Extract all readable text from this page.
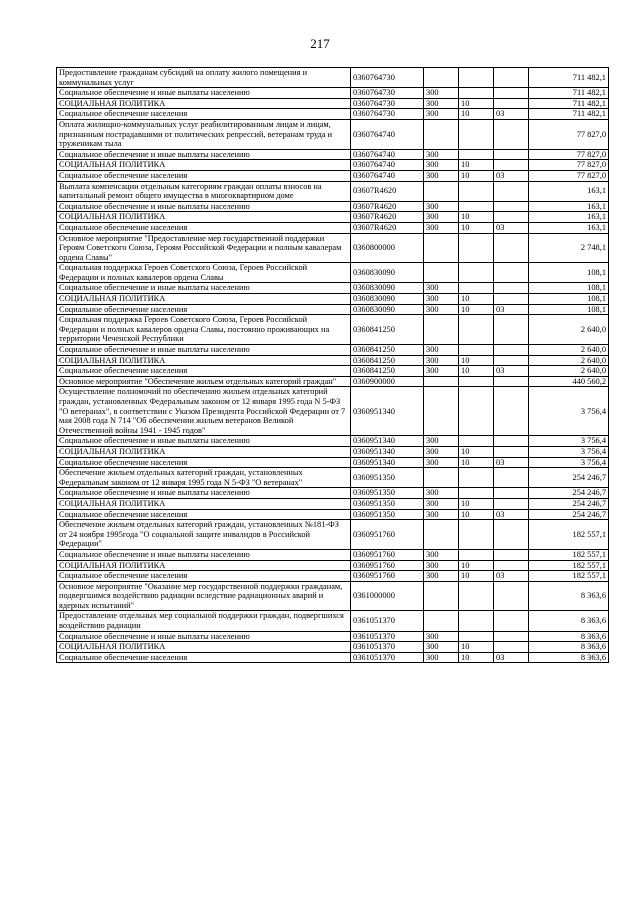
217
Предоставление гражданам субсидий на оплату жилого помещения и коммунальных услуг	0360764730				711 482,1
Социальное обеспечение и иные выплаты населению	0360764730	300			711 482,1
СОЦИАЛЬНАЯ ПОЛИТИКА	0360764730	300	10		711 482,1
Социальное обеспечение населения	0360764730	300	10	03	711 482,1
Оплата жилищно-коммунальных услуг реабилитированным лицам и лицам, признанным пострадавшими от политических репрессий, ветеранам труда и труженикам тыла	0360764740				77 827,0
Социальное обеспечение и иные выплаты населению	0360764740	300			77 827,0
СОЦИАЛЬНАЯ ПОЛИТИКА	0360764740	300	10		77 827,0
Социальное обеспечение населения	0360764740	300	10	03	77 827,0
Выплата компенсации отдельным категориям граждан оплаты взносов на капитальный ремонт общего имущества в многоквартирном доме	03607R4620				163,1
Социальное обеспечение и иные выплаты населению	03607R4620	300			163,1
СОЦИАЛЬНАЯ ПОЛИТИКА	03607R4620	300	10		163,1
Социальное обеспечение населения	03607R4620	300	10	03	163,1
Основное мероприятие "Предоставление мер государственной поддержки Героям Советского Союза, Героям Российской Федерации и полным кавалерам ордена Славы"	0360800000				2 748,1
Социальная поддержка Героев Советского Союза, Героев Российской Федерации и полных кавалеров ордена Славы	0360830090				108,1
Социальное обеспечение и иные выплаты населению	0360830090	300			108,1
СОЦИАЛЬНАЯ ПОЛИТИКА	0360830090	300	10		108,1
Социальное обеспечение населения	0360830090	300	10	03	108,1
Социальная поддержка Героев Советского Союза, Героев Российской Федерации и полных кавалеров ордена Славы, постоянно проживающих на территории Чеченской Республики	0360841250				2 640,0
Социальное обеспечение и иные выплаты населению	0360841250	300			2 640,0
СОЦИАЛЬНАЯ ПОЛИТИКА	0360841250	300	10		2 640,0
Социальное обеспечение населения	0360841250	300	10	03	2 640,0
Основное мероприятие "Обеспечение жильем отдельных категорий граждан"	0360900000				440 560,2
Осуществление полномочий по обеспечению жильем отдельных категорий граждан, установленных Федеральным законом от 12 января 1995 года N 5-ФЗ "О ветеранах", в соответствии с Указом Президента Российской Федерации от 7 мая 2008 года N 714 "Об обеспечении жильем ветеранов Великой Отечественной войны 1941 - 1945 годов"	0360951340				3 756,4
Социальное обеспечение и иные выплаты населению	0360951340	300			3 756,4
СОЦИАЛЬНАЯ ПОЛИТИКА	0360951340	300	10		3 756,4
Социальное обеспечение населения	0360951340	300	10	03	3 756,4
Обеспечение жильем отдельных категорий граждан, установленных Федеральным законом от 12 января 1995 года N 5-ФЗ "О ветеранах"	0360951350				254 246,7
Социальное обеспечение и иные выплаты населению	0360951350	300			254 246,7
СОЦИАЛЬНАЯ ПОЛИТИКА	0360951350	300	10		254 246,7
Социальное обеспечение населения	0360951350	300	10	03	254 246,7
Обеспечение жильем отдельных категорий граждан, установленных №181-ФЗ от 24 ноября 1995года "О социальной защите инвалидов в Российской Федерации"	0360951760				182 557,1
Социальное обеспечение и иные выплаты населению	0360951760	300			182 557,1
СОЦИАЛЬНАЯ ПОЛИТИКА	0360951760	300	10		182 557,1
Социальное обеспечение населения	0360951760	300	10	03	182 557,1
Основное мероприятие "Оказание мер государственной поддержки гражданам, подвергшимся воздействию радиации вследствие радиационных аварий и ядерных испытаний"	0361000000				8 363,6
Предоставление отдельных мер социальной поддержки граждан, подвергшихся воздействию радиации	0361051370				8 363,6
Социальное обеспечение и иные выплаты населению	0361051370	300			8 363,6
СОЦИАЛЬНАЯ ПОЛИТИКА	0361051370	300	10		8 363,6
Социальное обеспечение населения	0361051370	300	10	03	8 363,6
